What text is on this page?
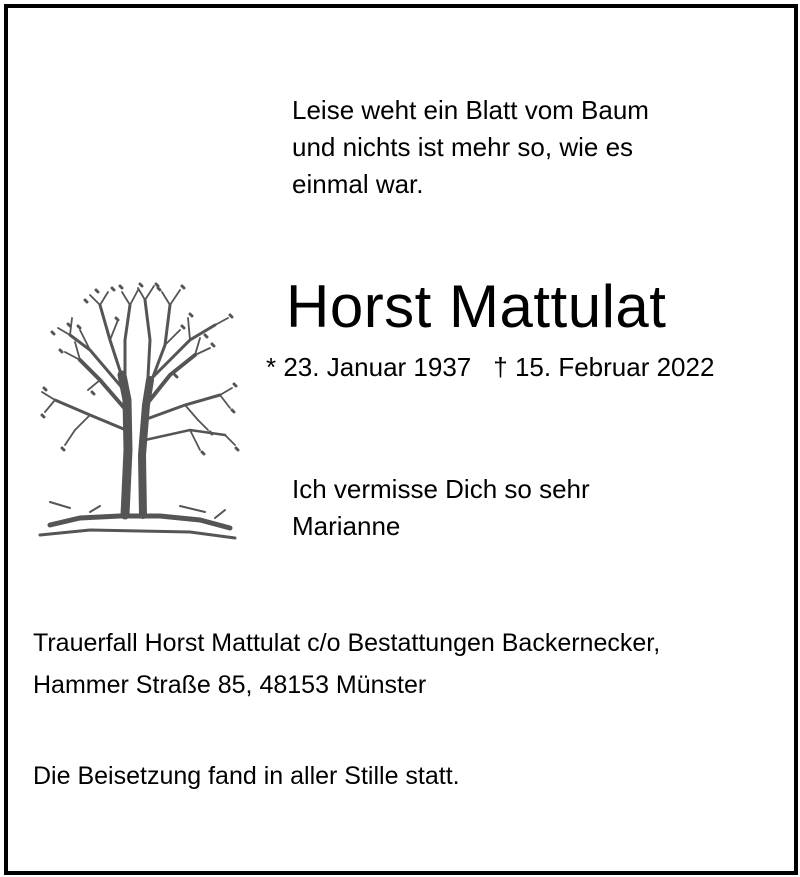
Leise weht ein Blatt vom Baum
und nichts ist mehr so, wie es
einmal war.
Horst Mattulat
* 23. Januar 1937 † 15. Februar 2022
Ich vermisse Dich so sehr
Marianne
Trauerfall Horst Mattulat c/o Bestattungen Backernecker,
Hammer Straße 85, 48153 Münster
Die Beisetzung fand in aller Stille statt.
